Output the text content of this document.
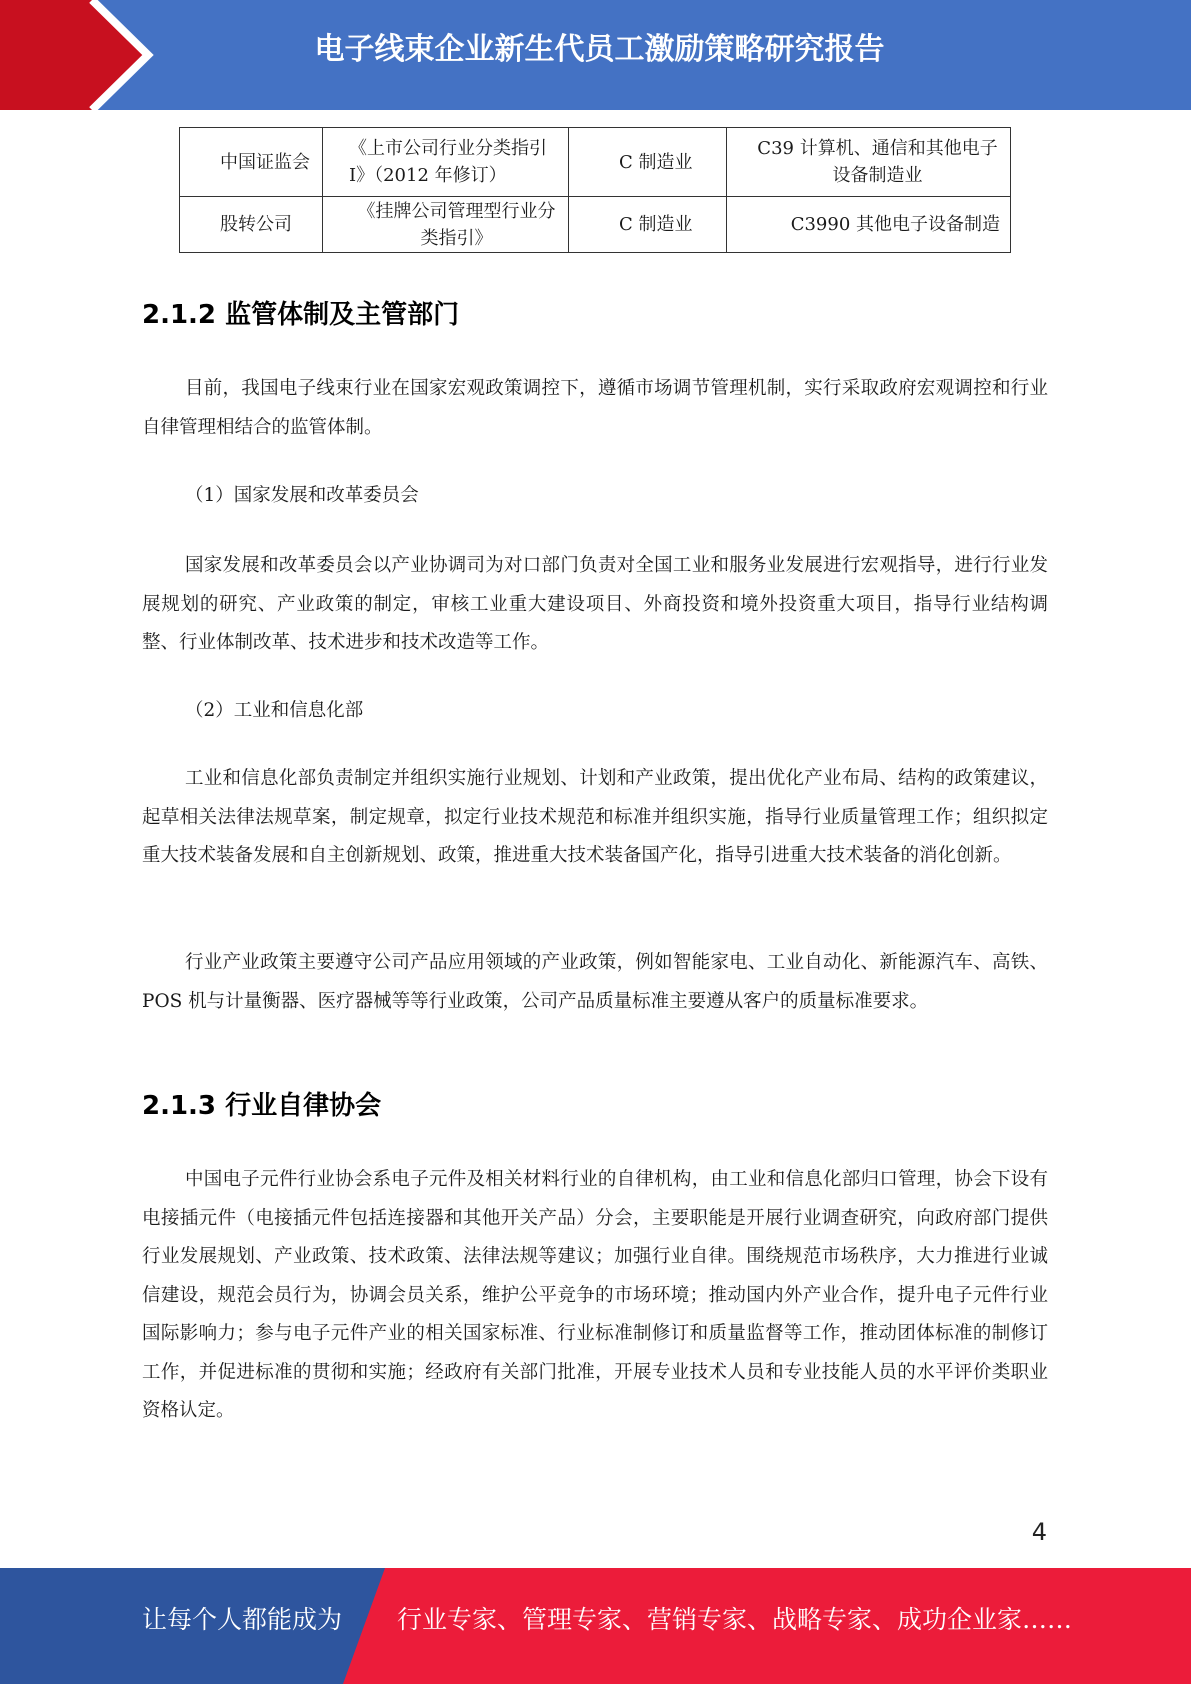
电子线束企业新生代员工激励策略研究报告
中国证监会	《上市公司行业分类指引 I》（2012 年修订）	C 制造业	C39 计算机、通信和其他电子 设备制造业
股转公司	《挂牌公司管理型行业分类指引》	C 制造业	C3990 其他电子设备制造
2.1.2 监管体制及主管部门

目前，我国电子线束行业在国家宏观政策调控下，遵循市场调节管理机制，实行采取政府宏观调控和行业自律管理相结合的监管体制。

（1）国家发展和改革委员会

国家发展和改革委员会以产业协调司为对口部门负责对全国工业和服务业发展进行宏观指导，进行行业发展规划的研究、产业政策的制定，审核工业重大建设项目、外商投资和境外投资重大项目，指导行业结构调整、行业体制改革、技术进步和技术改造等工作。

（2）工业和信息化部

工业和信息化部负责制定并组织实施行业规划、计划和产业政策，提出优化产业布局、结构的政策建议，起草相关法律法规草案，制定规章，拟定行业技术规范和标准并组织实施，指导行业质量管理工作；组织拟定重大技术装备发展和自主创新规划、政策，推进重大技术装备国产化，指导引进重大技术装备的消化创新。

行业产业政策主要遵守公司产品应用领域的产业政策，例如智能家电、工业自动化、新能源汽车、高铁、POS 机与计量衡器、医疗器械等等行业政策，公司产品质量标准主要遵从客户的质量标准要求。

2.1.3 行业自律协会

中国电子元件行业协会系电子元件及相关材料行业的自律机构，由工业和信息化部归口管理，协会下设有电接插元件（电接插元件包括连接器和其他开关产品）分会，主要职能是开展行业调查研究，向政府部门提供行业发展规划、产业政策、技术政策、法律法规等建议；加强行业自律。围绕规范市场秩序，大力推进行业诚信建设，规范会员行为，协调会员关系，维护公平竞争的市场环境；推动国内外产业合作，提升电子元件行业国际影响力；参与电子元件产业的相关国家标准、行业标准制修订和质量监督等工作，推动团体标准的制修订工作，并促进标准的贯彻和实施；经政府有关部门批准，开展专业技术人员和专业技能人员的水平评价类职业资格认定。

4
让每个人都能成为 行业专家、管理专家、营销专家、战略专家、成功企业家……
